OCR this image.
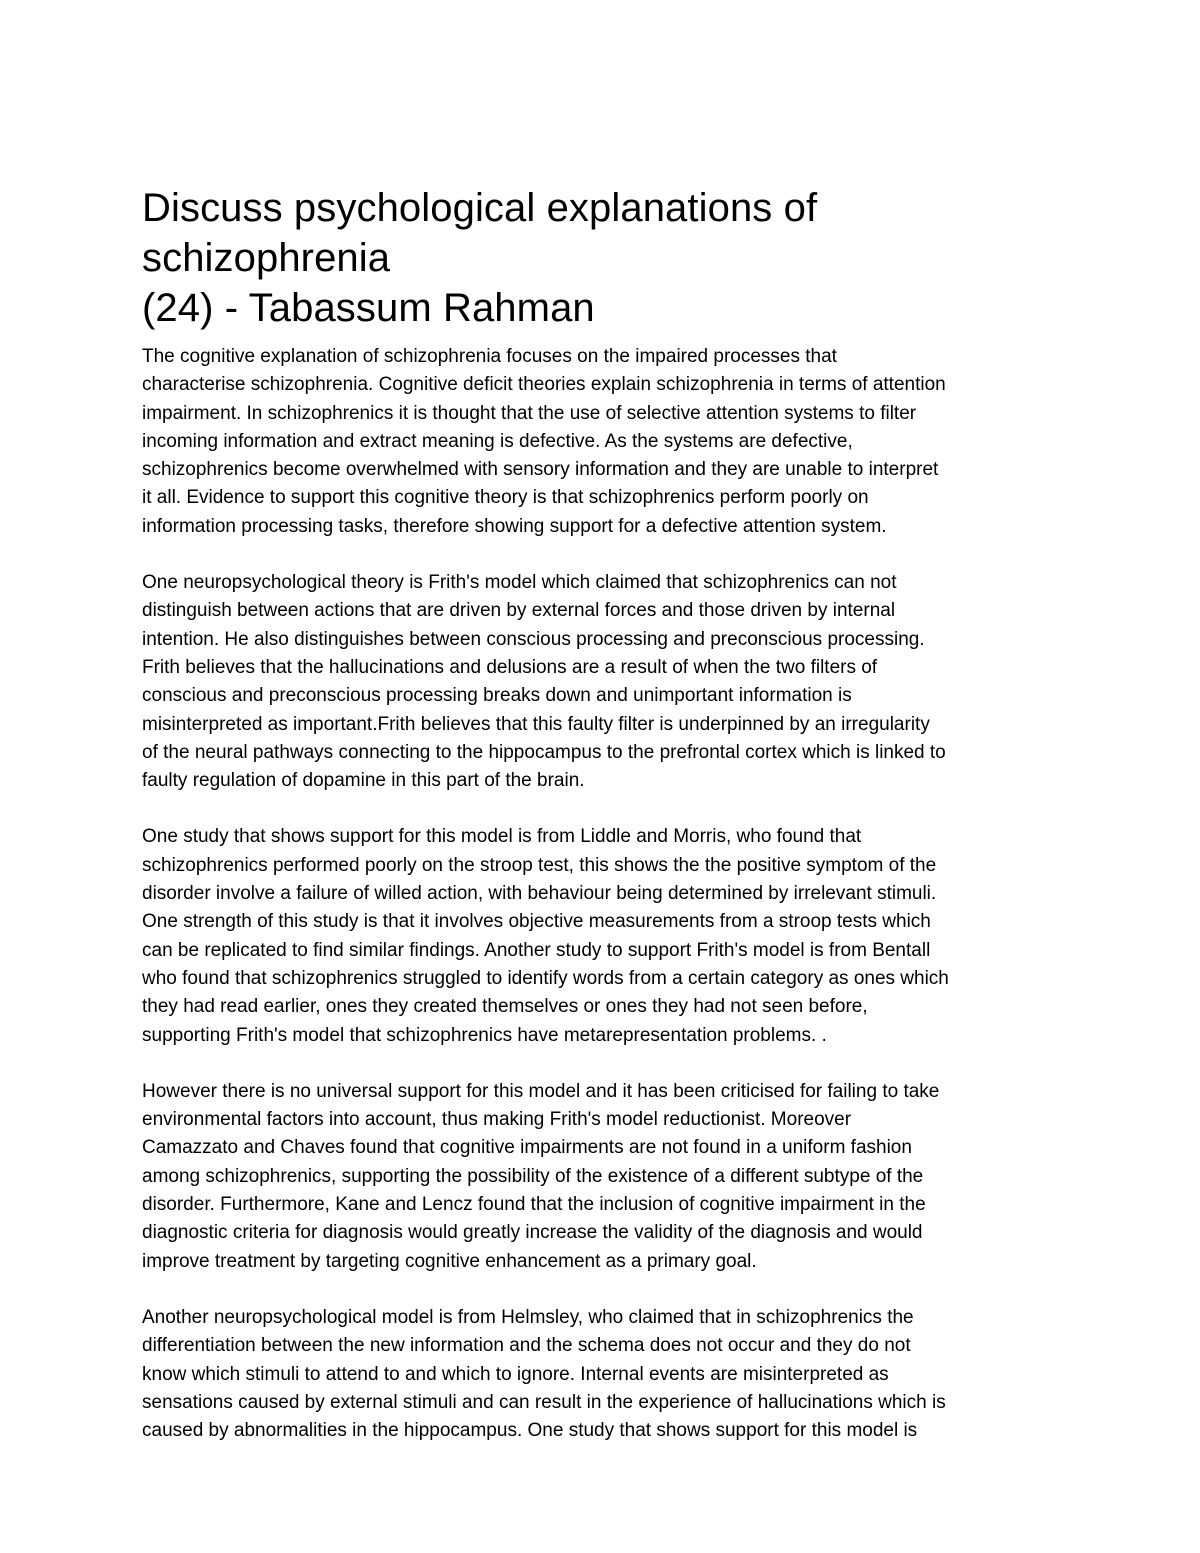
Discuss psychological explanations of schizophrenia
(24) - Tabassum Rahman

The cognitive explanation of schizophrenia focuses on the impaired processes that
characterise schizophrenia. Cognitive deficit theories explain schizophrenia in terms of attention
impairment. In schizophrenics it is thought that the use of selective attention systems to filter
incoming information and extract meaning is defective. As the systems are defective,
schizophrenics become overwhelmed with sensory information and they are unable to interpret
it all. Evidence to support this cognitive theory is that schizophrenics perform poorly on
information processing tasks, therefore showing support for a defective attention system.

One neuropsychological theory is Frith's model which claimed that schizophrenics can not
distinguish between actions that are driven by external forces and those driven by internal
intention. He also distinguishes between conscious processing and preconscious processing.
Frith believes that the hallucinations and delusions are a result of when the two filters of
conscious and preconscious processing breaks down and unimportant information is
misinterpreted as important.Frith believes that this faulty filter is underpinned by an irregularity
of the neural pathways connecting to the hippocampus to the prefrontal cortex which is linked to
faulty regulation of dopamine in this part of the brain.

One study that shows support for this model is from Liddle and Morris, who found that
schizophrenics performed poorly on the stroop test, this shows the the positive symptom of the
disorder involve a failure of willed action, with behaviour being determined by irrelevant stimuli.
One strength of this study is that it involves objective measurements from a stroop tests which
can be replicated to find similar findings. Another study to support Frith's model is from Bentall
who found that schizophrenics struggled to identify words from a certain category as ones which
they had read earlier, ones they created themselves or ones they had not seen before,
supporting Frith's model that schizophrenics have metarepresentation problems. .

However there is no universal support for this model and it has been criticised for failing to take
environmental factors into account, thus making Frith's model reductionist. Moreover
Camazzato and Chaves found that cognitive impairments are not found in a uniform fashion
among schizophrenics, supporting the possibility of the existence of a different subtype of the
disorder. Furthermore, Kane and Lencz found that the inclusion of cognitive impairment in the
diagnostic criteria for diagnosis would greatly increase the validity of the diagnosis and would
improve treatment by targeting cognitive enhancement as a primary goal.

Another neuropsychological model is from Helmsley, who claimed that in schizophrenics the
differentiation between the new information and the schema does not occur and they do not
know which stimuli to attend to and which to ignore. Internal events are misinterpreted as
sensations caused by external stimuli and can result in the experience of hallucinations which is
caused by abnormalities in the hippocampus. One study that shows support for this model is
